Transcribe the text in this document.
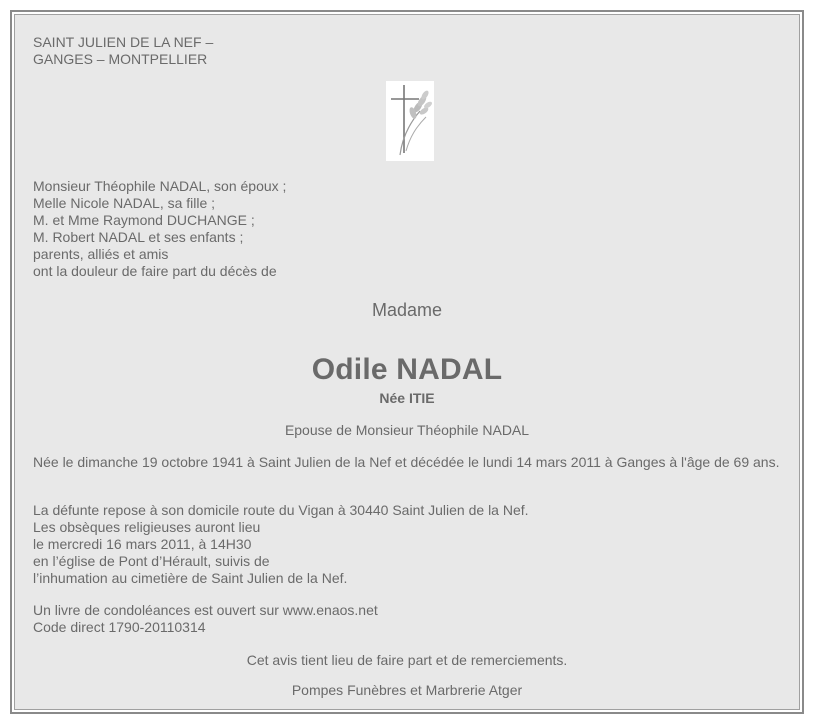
SAINT JULIEN DE LA NEF –
GANGES – MONTPELLIER
Monsieur Théophile NADAL, son époux ;
Melle Nicole NADAL, sa fille ;
M. et Mme Raymond DUCHANGE ;
M. Robert NADAL et ses enfants ;
parents, alliés et amis
ont la douleur de faire part du décès de
Madame
Odile NADAL
Née ITIE
Epouse de Monsieur Théophile NADAL
Née le dimanche 19 octobre 1941 à Saint Julien de la Nef et décédée le lundi 14 mars 2011 à Ganges à l'âge de 69 ans.
La défunte repose à son domicile route du Vigan à 30440 Saint Julien de la Nef.
Les obsèques religieuses auront lieu
le mercredi 16 mars 2011, à 14H30
en l’église de Pont d’Hérault, suivis de
l’inhumation au cimetière de Saint Julien de la Nef.
Un livre de condoléances est ouvert sur www.enaos.net
Code direct 1790-20110314
Cet avis tient lieu de faire part et de remerciements.
Pompes Funèbres et Marbrerie Atger
